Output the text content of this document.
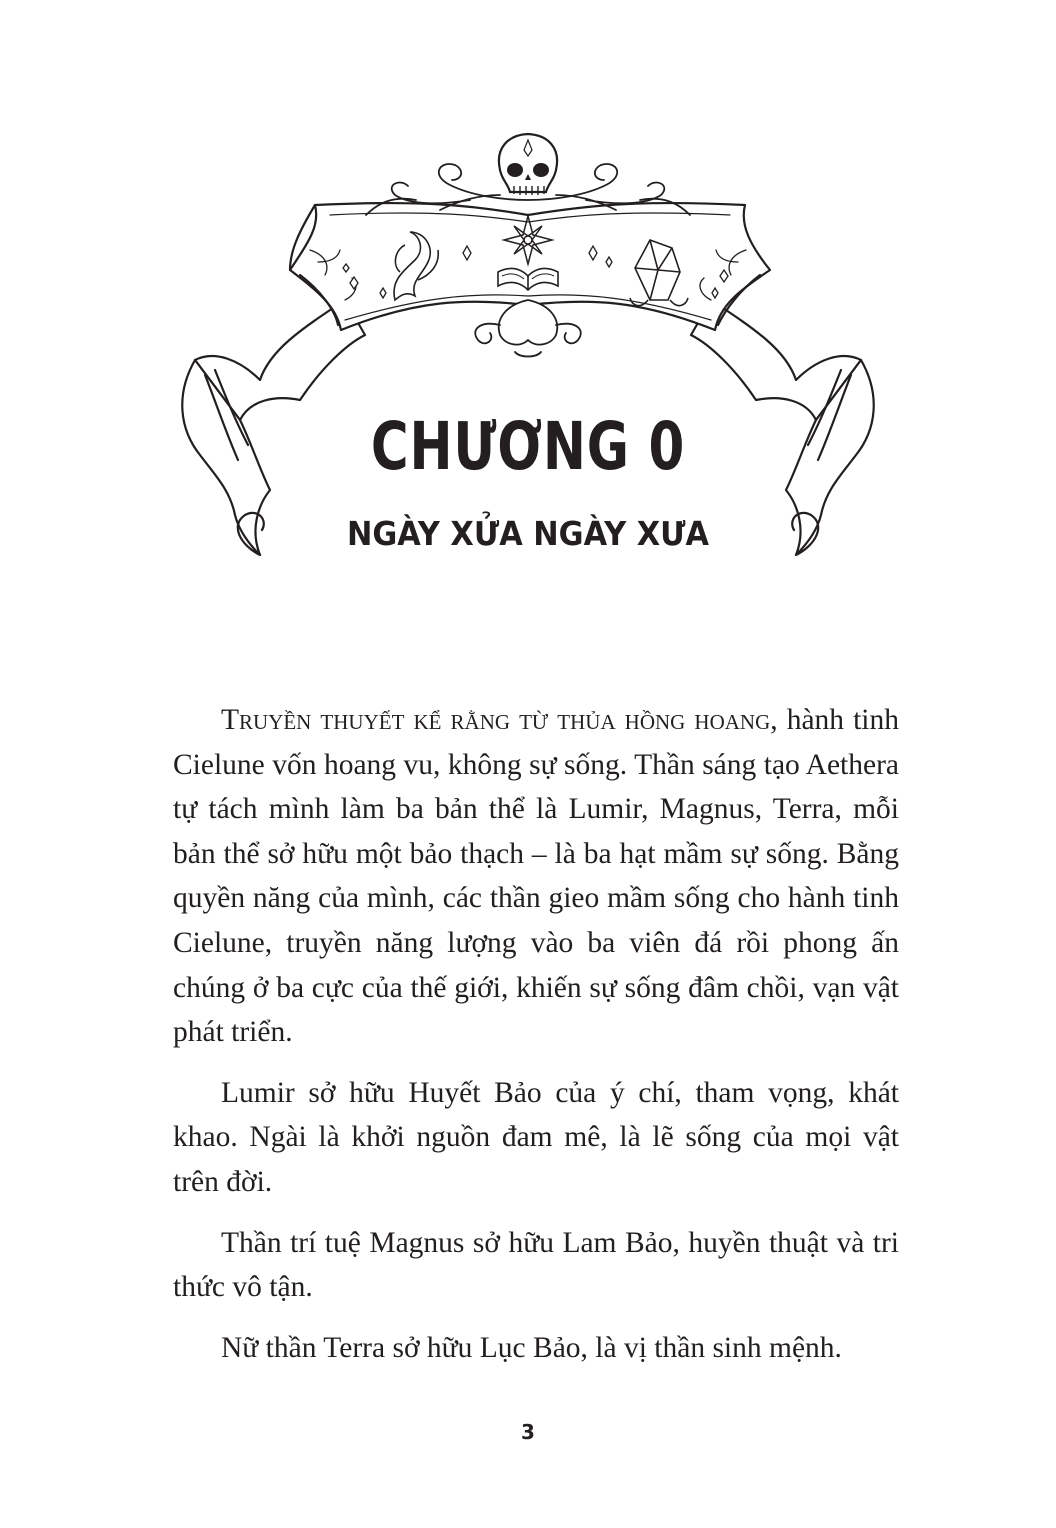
CHƯƠNG 0
NGÀY XỬA NGÀY XƯA

Truyền thuyết kể rằng từ thủa hồng hoang, hành tinh Cielune vốn hoang vu, không sự sống. Thần sáng tạo Aethera tự tách mình làm ba bản thể là Lumir, Magnus, Terra, mỗi bản thể sở hữu một bảo thạch – là ba hạt mầm sự sống. Bằng quyền năng của mình, các thần gieo mầm sống cho hành tinh Cielune, truyền năng lượng vào ba viên đá rồi phong ấn chúng ở ba cực của thế giới, khiến sự sống đâm chồi, vạn vật phát triển.

Lumir sở hữu Huyết Bảo của ý chí, tham vọng, khát khao. Ngài là khởi nguồn đam mê, là lẽ sống của mọi vật trên đời.

Thần trí tuệ Magnus sở hữu Lam Bảo, huyền thuật và tri thức vô tận.

Nữ thần Terra sở hữu Lục Bảo, là vị thần sinh mệnh.

3
